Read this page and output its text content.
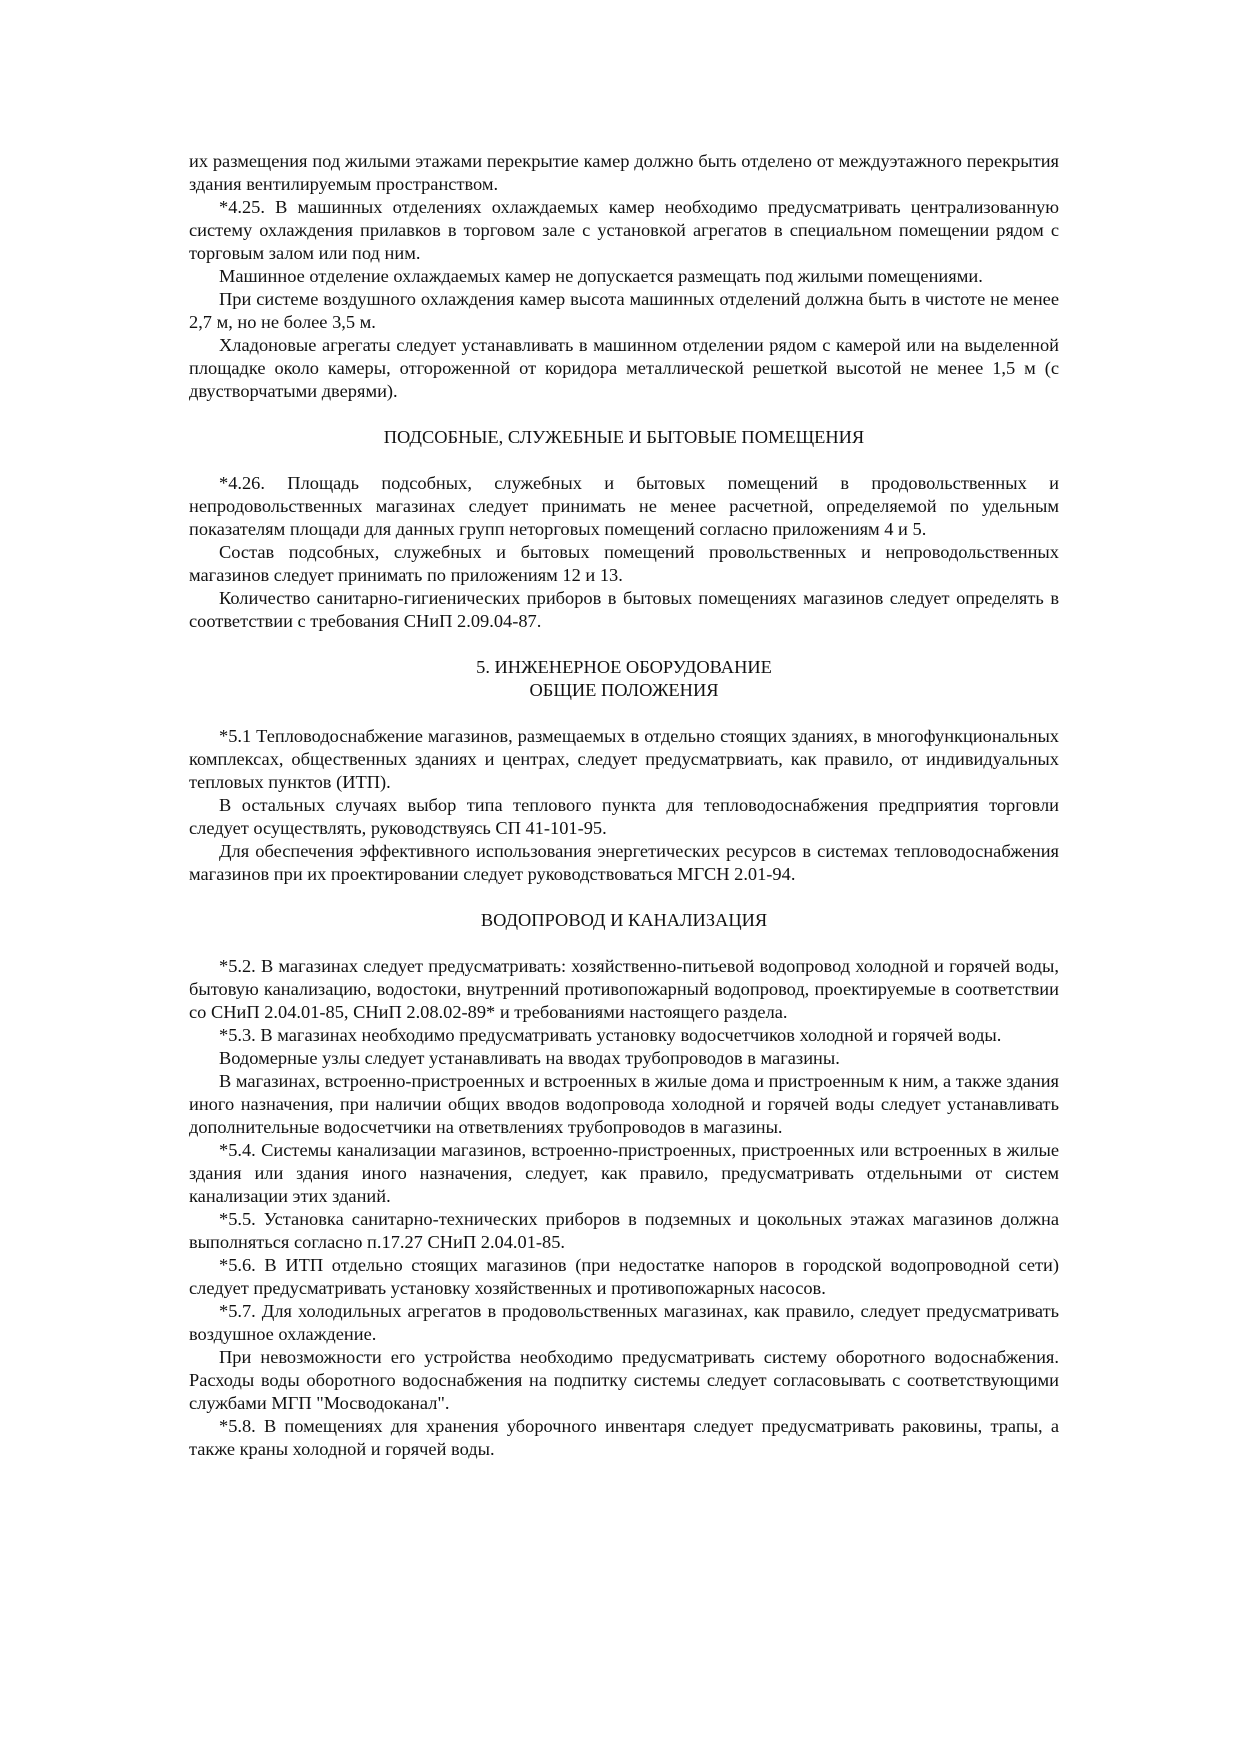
их размещения под жилыми этажами перекрытие камер должно быть отделено от междуэтажного перекрытия здания вентилируемым пространством.

*4.25. В машинных отделениях охлаждаемых камер необходимо предусматривать централизованную систему охлаждения прилавков в торговом зале с установкой агрегатов в специальном помещении рядом с торговым залом или под ним.

Машинное отделение охлаждаемых камер не допускается размещать под жилыми помещениями.

При системе воздушного охлаждения камер высота машинных отделений должна быть в чистоте не менее 2,7 м, но не более 3,5 м.

Хладоновые агрегаты следует устанавливать в машинном отделении рядом с камерой или на выделенной площадке около камеры, отгороженной от коридора металлической решеткой высотой не менее 1,5 м (с двустворчатыми дверями).

ПОДСОБНЫЕ, СЛУЖЕБНЫЕ И БЫТОВЫЕ ПОМЕЩЕНИЯ

*4.26. Площадь подсобных, служебных и бытовых помещений в продовольственных и непродовольственных магазинах следует принимать не менее расчетной, определяемой по удельным показателям площади для данных групп неторговых помещений согласно приложениям 4 и 5.

Состав подсобных, служебных и бытовых помещений провольственных и непроводольственных магазинов следует принимать по приложениям 12 и 13.

Количество санитарно-гигиенических приборов в бытовых помещениях магазинов следует определять в соответствии с требования СНиП 2.09.04-87.

5. ИНЖЕНЕРНОЕ ОБОРУДОВАНИЕ
ОБЩИЕ ПОЛОЖЕНИЯ

*5.1 Тепловодоснабжение магазинов, размещаемых в отдельно стоящих зданиях, в многофункциональных комплексах, общественных зданиях и центрах, следует предусматрвиать, как правило, от индивидуальных тепловых пунктов (ИТП).

В остальных случаях выбор типа теплового пункта для тепловодоснабжения предприятия торговли следует осуществлять, руководствуясь СП 41-101-95.

Для обеспечения эффективного использования энергетических ресурсов в системах тепловодоснабжения магазинов при их проектировании следует руководствоваться МГСН 2.01-94.

ВОДОПРОВОД И КАНАЛИЗАЦИЯ

*5.2. В магазинах следует предусматривать: хозяйственно-питьевой водопровод холодной и горячей воды, бытовую канализацию, водостоки, внутренний противопожарный водопровод, проектируемые в соответствии со СНиП 2.04.01-85, СНиП 2.08.02-89* и требованиями настоящего раздела.

*5.3. В магазинах необходимо предусматривать установку водосчетчиков холодной и горячей воды.

Водомерные узлы следует устанавливать на вводах трубопроводов в магазины.

В магазинах, встроенно-пристроенных и встроенных в жилые дома и пристроенным к ним, а также здания иного назначения, при наличии общих вводов водопровода холодной и горячей воды следует устанавливать дополнительные водосчетчики на ответвлениях трубопроводов в магазины.

*5.4. Системы канализации магазинов, встроенно-пристроенных, пристроенных или встроенных в жилые здания или здания иного назначения, следует, как правило, предусматривать отдельными от систем канализации этих зданий.

*5.5. Установка санитарно-технических приборов в подземных и цокольных этажах магазинов должна выполняться согласно п.17.27 СНиП 2.04.01-85.

*5.6. В ИТП отдельно стоящих магазинов (при недостатке напоров в городской водопроводной сети) следует предусматривать установку хозяйственных и противопожарных насосов.

*5.7. Для холодильных агрегатов в продовольственных магазинах, как правило, следует предусматривать воздушное охлаждение.

При невозможности его устройства необходимо предусматривать систему оборотного водоснабжения. Расходы воды оборотного водоснабжения на подпитку системы следует согласовывать с соответствующими службами МГП "Мосводоканал".

*5.8. В помещениях для хранения уборочного инвентаря следует предусматривать раковины, трапы, а также краны холодной и горячей воды.
